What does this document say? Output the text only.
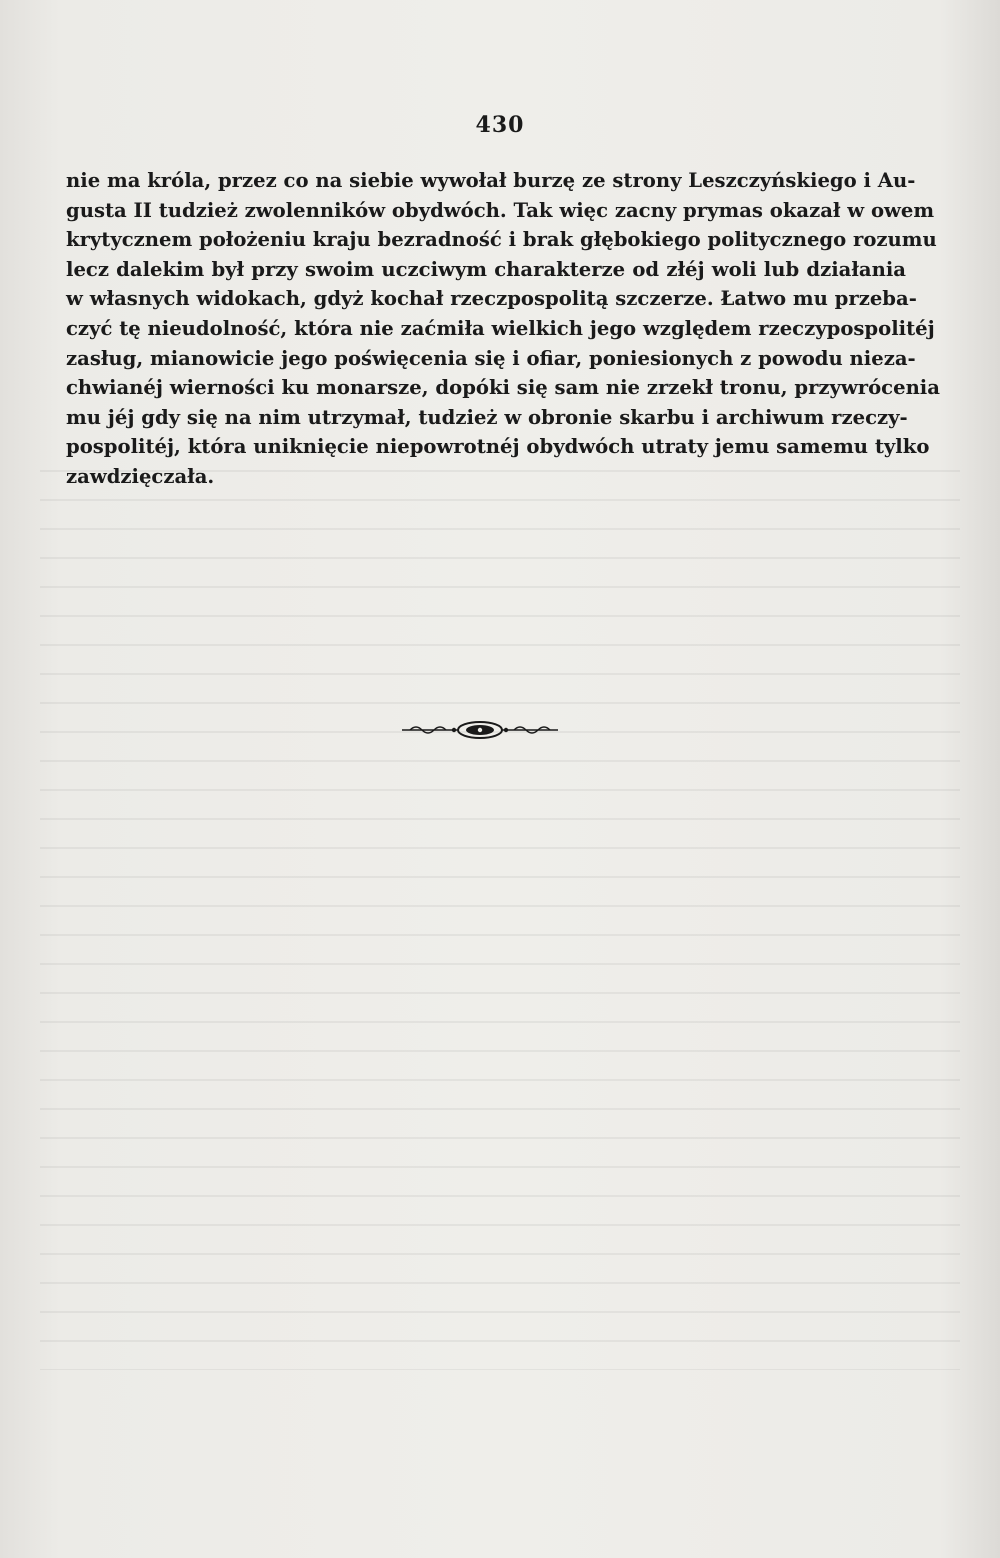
430
nie ma króla, przez co na siebie wywołał burzę ze strony Leszczyńskiego i Au-
gusta II tudzież zwolenników obydwóch. Tak więc zacny prymas okazał w owem
krytycznem położeniu kraju bezradność i brak głębokiego politycznego rozumu
lecz dalekim był przy swoim uczciwym charakterze od złéj woli lub działania
w własnych widokach, gdyż kochał rzeczpospolitą szczerze. Łatwo mu przeba-
czyć tę nieudolność, która nie zaćmiła wielkich jego względem rzeczypospolitéj
zasług, mianowicie jego poświęcenia się i ofiar, poniesionych z powodu nieza-
chwianéj wierności ku monarsze, dopóki się sam nie zrzekł tronu, przywrócenia
mu jéj gdy się na nim utrzymał, tudzież w obronie skarbu i archiwum rzeczy-
pospolitéj, która uniknięcie niepowrotnéj obydwóch utraty jemu samemu tylko
zawdzięczała.
